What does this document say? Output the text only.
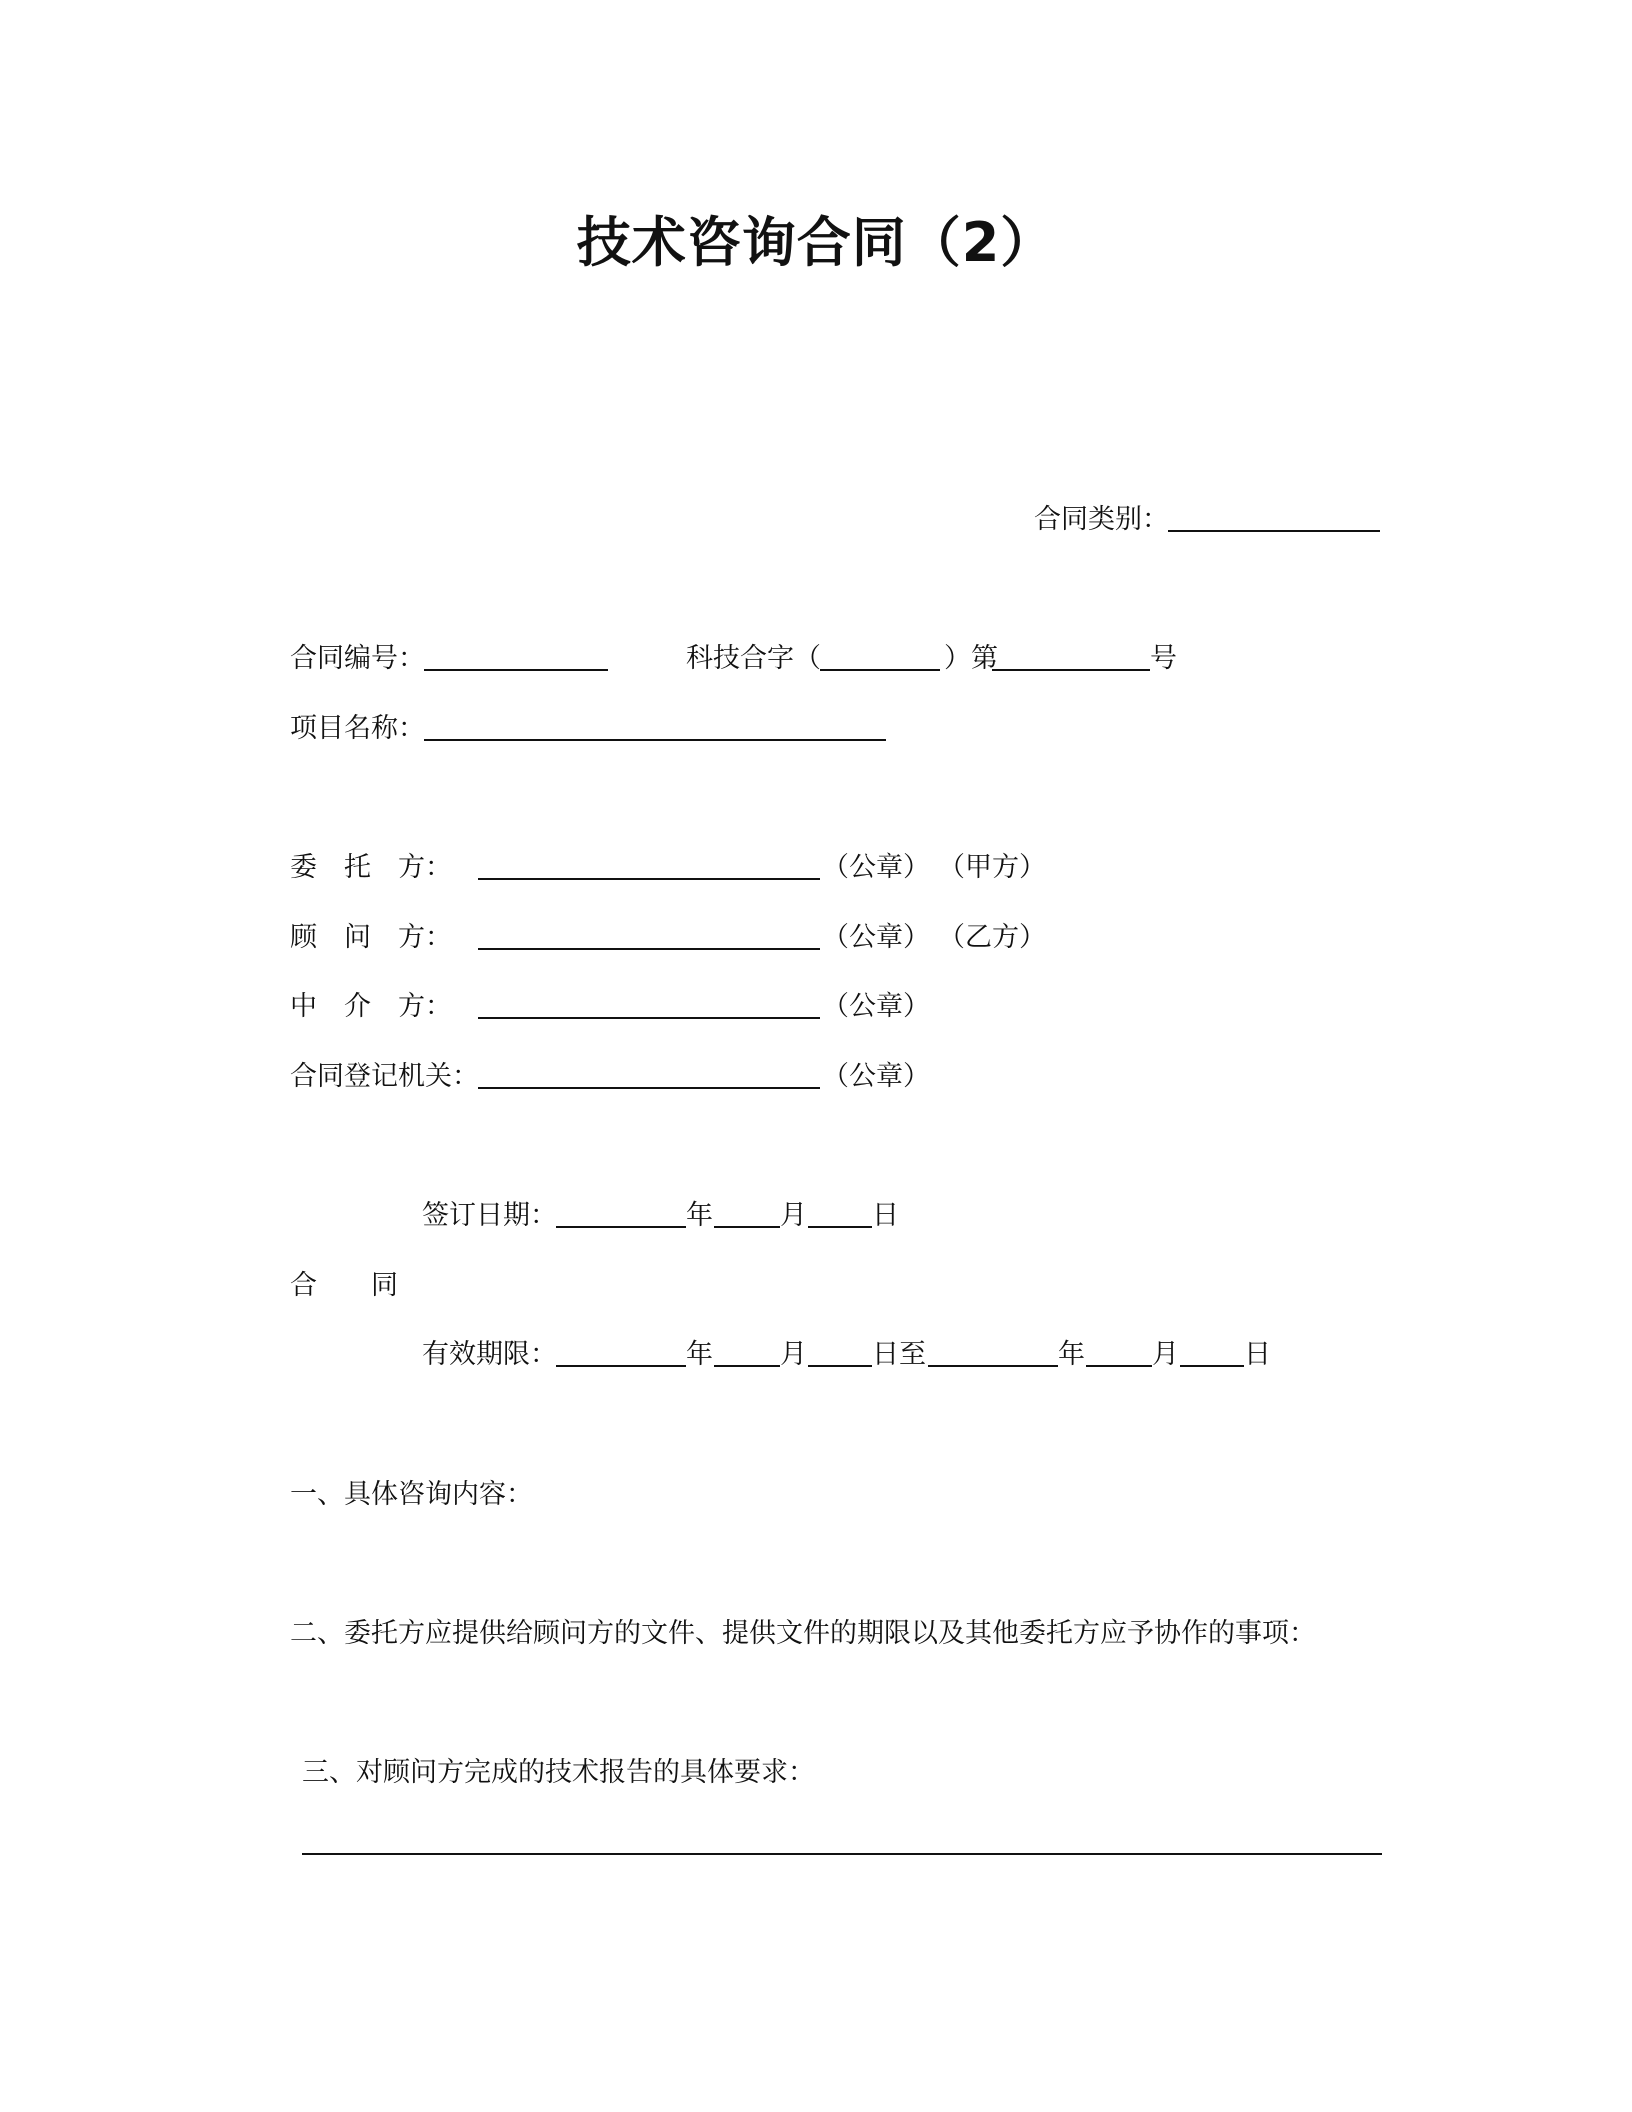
技术咨询合同（2）
合同类别：
合同编号：	科技合字（	）第	号
项目名称：
委　托　方：	（公章） （甲方）
顾　问　方：	（公章） （乙方）
中　介　方：	（公章）
合同登记机关：	（公章）
签订日期：	年 月 日
合　　同
有效期限：	年 月 日至	年 月 日
一、具体咨询内容：
二、委托方应提供给顾问方的文件、提供文件的期限以及其他委托方应予协作的事项：
三、对顾问方完成的技术报告的具体要求：
